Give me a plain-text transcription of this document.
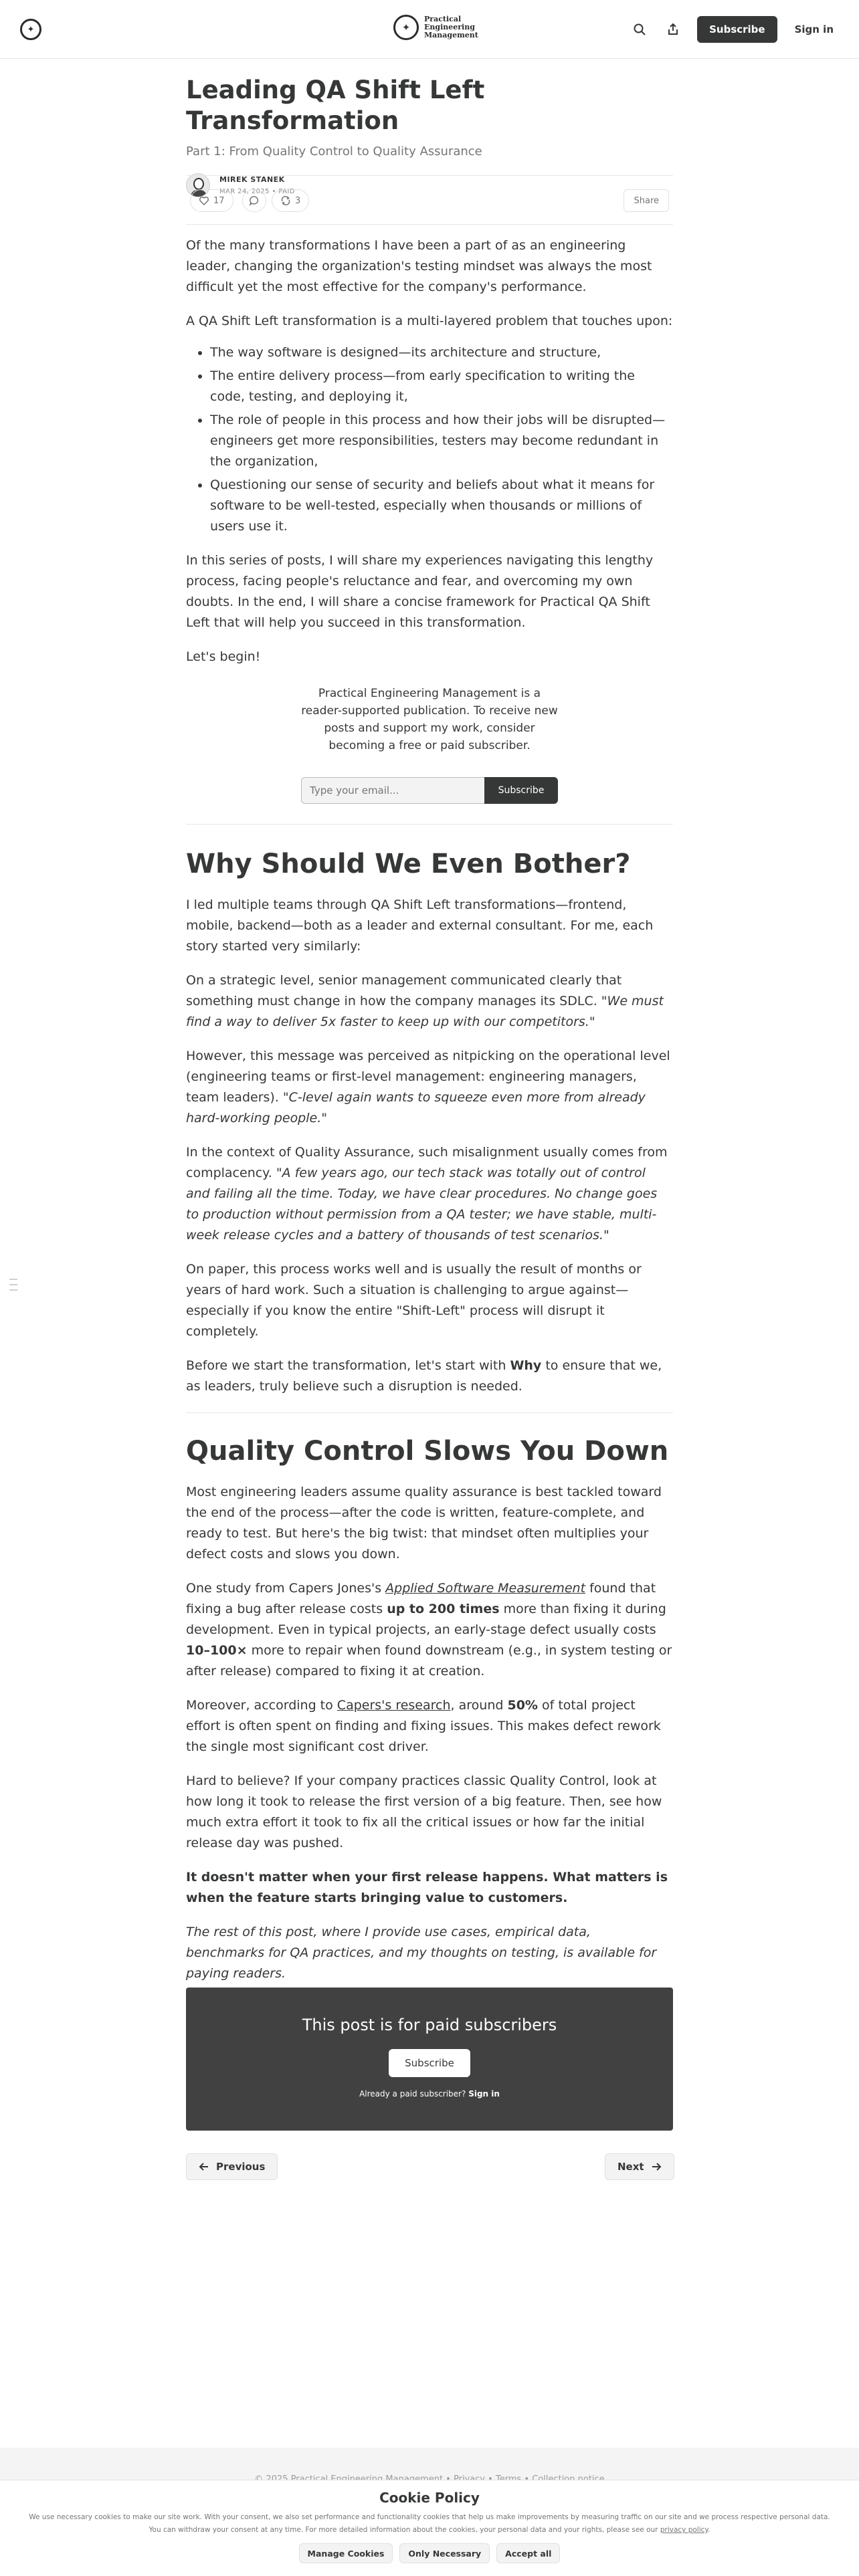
✦	✦
Practical
Engineering
Management	Subscribe	Sign in
Leading QA Shift Left Transformation
Part 1: From Quality Control to Quality Assurance
MIREK STANEK
MAR 24, 2025 • PAID
17	3	Share

Of the many transformations I have been a part of as an engineering leader, changing the organization's testing mindset was always the most difficult yet the most effective for the company's performance.

A QA Shift Left transformation is a multi-layered problem that touches upon:

• The way software is designed—its architecture and structure,
• The entire delivery process—from early specification to writing the code, testing, and deploying it,
• The role of people in this process and how their jobs will be disrupted—engineers get more responsibilities, testers may become redundant in the organization,
• Questioning our sense of security and beliefs about what it means for software to be well-tested, especially when thousands or millions of users use it.

In this series of posts, I will share my experiences navigating this lengthy process, facing people's reluctance and fear, and overcoming my own doubts. In the end, I will share a concise framework for Practical QA Shift Left that will help you succeed in this transformation.

Let's begin!

Practical Engineering Management is a reader-supported publication. To receive new posts and support my work, consider becoming a free or paid subscriber.
Type your email...
Subscribe
Why Should We Even Bother?

I led multiple teams through QA Shift Left transformations—frontend, mobile, backend—both as a leader and external consultant. For me, each story started very similarly:

On a strategic level, senior management communicated clearly that something must change in how the company manages its SDLC. "We must find a way to deliver 5x faster to keep up with our competitors."

However, this message was perceived as nitpicking on the operational level (engineering teams or first-level management: engineering managers, team leaders). "C-level again wants to squeeze even more from already hard-working people."

In the context of Quality Assurance, such misalignment usually comes from complacency. "A few years ago, our tech stack was totally out of control and failing all the time. Today, we have clear procedures. No change goes to production without permission from a QA tester; we have stable, multi-week release cycles and a battery of thousands of test scenarios."

On paper, this process works well and is usually the result of months or years of hard work. Such a situation is challenging to argue against—especially if you know the entire "Shift-Left" process will disrupt it completely.

Before we start the transformation, let's start with Why to ensure that we, as leaders, truly believe such a disruption is needed.

Quality Control Slows You Down

Most engineering leaders assume quality assurance is best tackled toward the end of the process—after the code is written, feature-complete, and ready to test. But here's the big twist: that mindset often multiplies your defect costs and slows you down.

One study from Capers Jones's Applied Software Measurement found that fixing a bug after release costs up to 200 times more than fixing it during development. Even in typical projects, an early-stage defect usually costs 10–100× more to repair when found downstream (e.g., in system testing or after release) compared to fixing it at creation.

Moreover, according to Capers's research, around 50% of total project effort is often spent on finding and fixing issues. This makes defect rework the single most significant cost driver.

Hard to believe? If your company practices classic Quality Control, look at how long it took to release the first version of a big feature. Then, see how much extra effort it took to fix all the critical issues or how far the initial release day was pushed.

It doesn't matter when your first release happens. What matters is when the feature starts bringing value to customers.

The rest of this post, where I provide use cases, empirical data, benchmarks for QA practices, and my thoughts on testing, is available for paying readers.

This post is for paid subscribers
Subscribe
Already a paid subscriber? Sign in
Previous	Next
Cookie Policy
We use necessary cookies to make our site work. With your consent, we also set performance and functionality cookies that help us make improvements by measuring traffic on our site and we process respective personal data.
You can withdraw your consent at any time. For more detailed information about the cookies, your personal data and your rights, please see our privacy policy.
Manage Cookies	Only Necessary	Accept all
